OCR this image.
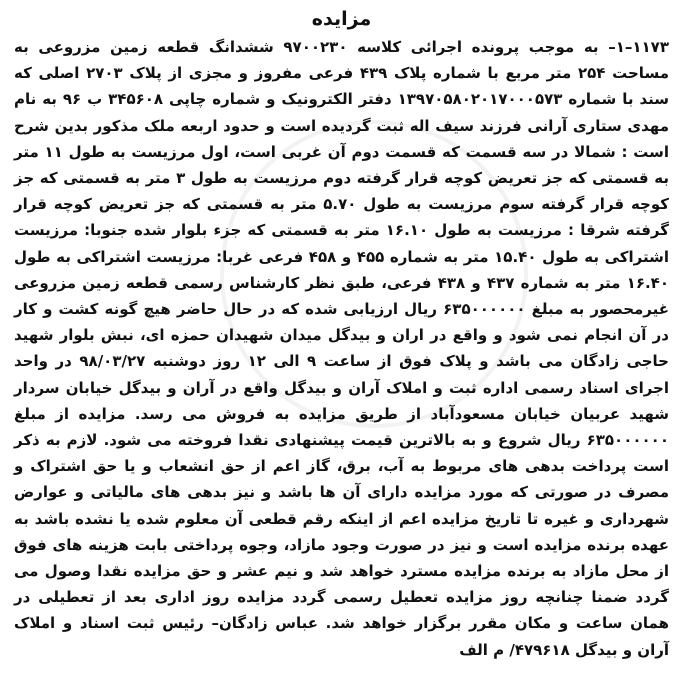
مزایده

۱۱۷۳–۱– به موجب پرونده اجرائی کلاسه ۹۷۰۰۲۳۰ ششدانگ قطعه زمین مزروعی به مساحت ۲۵۴ متر مربع با شماره پلاک ۴۳۹ فرعی مفروز و مجزی از پلاک ۲۷۰۳ اصلی که سند با شماره ۱۳۹۷۰۵۸۰۲۰۱۷۰۰۰۵۷۳ دفتر الکترونیک و شماره چاپی ۳۴۵۶۰۸ ب ۹۶ به نام مهدی ستاری آرانی فرزند سیف اله ثبت گردیده است و حدود اربعه ملک مذکور بدین شرح است : شمالا در سه قسمت که قسمت دوم آن غربی است، اول مرزیست به طول ۱۱ متر به قسمتی که جز تعریض کوچه قرار گرفته دوم مرزیست به طول ۳ متر به قسمتی که جز کوچه قرار گرفته سوم مرزیست به طول ۵.۷۰ متر به قسمتی که جز تعریض کوچه قرار گرفته شرقا : مرزیست به طول ۱۶.۱۰ متر به قسمتی که جزء بلوار شده جنوبا: مرزیست اشتراکی به طول ۱۵.۴۰ متر به شماره ۴۵۵ و ۴۵۸ فرعی غربا: مرزیست اشتراکی به طول ۱۶.۴۰ متر به شماره ۴۳۷ و ۴۳۸ فرعی، طبق نظر کارشناس رسمی قطعه زمین مزروعی غیرمحصور به مبلغ ۶۳۵۰۰۰۰۰۰ ریال ارزیابی شده که در حال حاضر هیچ گونه کشت و کار در آن انجام نمی شود و واقع در اران و بیدگل میدان شهیدان حمزه ای، نبش بلوار شهید حاجی زادگان می باشد و پلاک فوق از ساعت ۹ الی ۱۲ روز دوشنبه ۹۸/۰۳/۲۷ در واحد اجرای اسناد رسمی اداره ثبت و املاک آران و بیدگل واقع در آران و بیدگل خیابان سردار شهید عربیان خیابان مسعودآباد از طریق مزایده به فروش می رسد. مزایده از مبلغ ۶۳۵۰۰۰۰۰۰ ریال شروع و به بالاترین قیمت پیشنهادی نقدا فروخته می شود. لازم به ذکر است پرداخت بدهی های مربوط به آب، برق، گاز اعم از حق انشعاب و یا حق اشتراک و مصرف در صورتی که مورد مزایده دارای آن ها باشد و نیز بدهی های مالیاتی و عوارض شهرداری و غیره تا تاریخ مزایده اعم از اینکه رقم قطعی آن معلوم شده یا نشده باشد به عهده برنده مزایده است و نیز در صورت وجود مازاد، وجوه پرداختی بابت هزینه های فوق از محل مازاد به برنده مزایده مسترد خواهد شد و نیم عشر و حق مزایده نقدا وصول می گردد ضمنا چنانچه روز مزایده تعطیل رسمی گردد مزایده روز اداری بعد از تعطیلی در همان ساعت و مکان مقرر برگزار خواهد شد. عباس زادگان– رئیس ثبت اسناد و املاک آران و بیدگل ۴۷۹۶۱۸/ م الف
